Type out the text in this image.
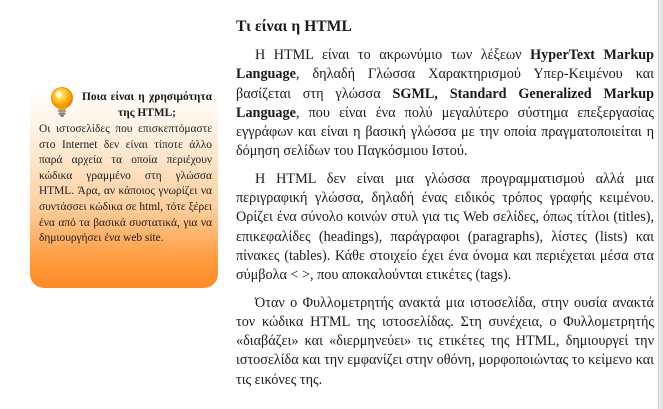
Ποια είναι η χρησιμότητα της HTML;
Οι ιστοσελίδες που επισκεπτόμαστε στο Internet δεν είναι τίποτε άλλο παρά αρχεία τα οποία περιέχουν κώδικα γραμμένο στη γλώσσα HTML. Άρα, αν κάποιος γνωρίζει να συντάσσει κώδικα σε html, τότε ξέρει ένα από τα βασικά συστατικά, για να δημιουργήσει ένα web site.
Τι είναι η HTML

Η HTML είναι το ακρωνύμιο των λέξεων HyperText Markup Language, δηλαδή Γλώσσα Χαρακτηρισμού Υπερ-Κειμένου και βασίζεται στη γλώσσα SGML, Standard Generalized Markup Language, που είναι ένα πολύ μεγαλύτερο σύστημα επεξεργασίας εγγράφων και είναι η βασική γλώσσα με την οποία πραγματοποιείται η δόμηση σελίδων του Παγκόσμιου Ιστού.

Η HTML δεν είναι μια γλώσσα προγραμματισμού αλλά μια περιγραφική γλώσσα, δηλαδή ένας ειδικός τρόπος γραφής κειμένου. Ορίζει ένα σύνολο κοινών στυλ για τις Web σελίδες, όπως τίτλοι (titles), επικεφαλίδες (headings), παράγραφοι (paragraphs), λίστες (lists) και πίνακες (tables). Κάθε στοιχείο έχει ένα όνομα και περιέχεται μέσα στα σύμβολα < >, που αποκαλούνται ετικέτες (tags).

Όταν ο Φυλλομετρητής ανακτά μια ιστοσελίδα, στην ουσία ανακτά τον κώδικα HTML της ιστοσελίδας. Στη συνέχεια, ο Φυλλομετρητής «διαβάζει» και «διερμηνεύει» τις ετικέτες της HTML, δημιουργεί την ιστοσελίδα και την εμφανίζει στην οθόνη, μορφοποιώντας το κείμενο και τις εικόνες της.
